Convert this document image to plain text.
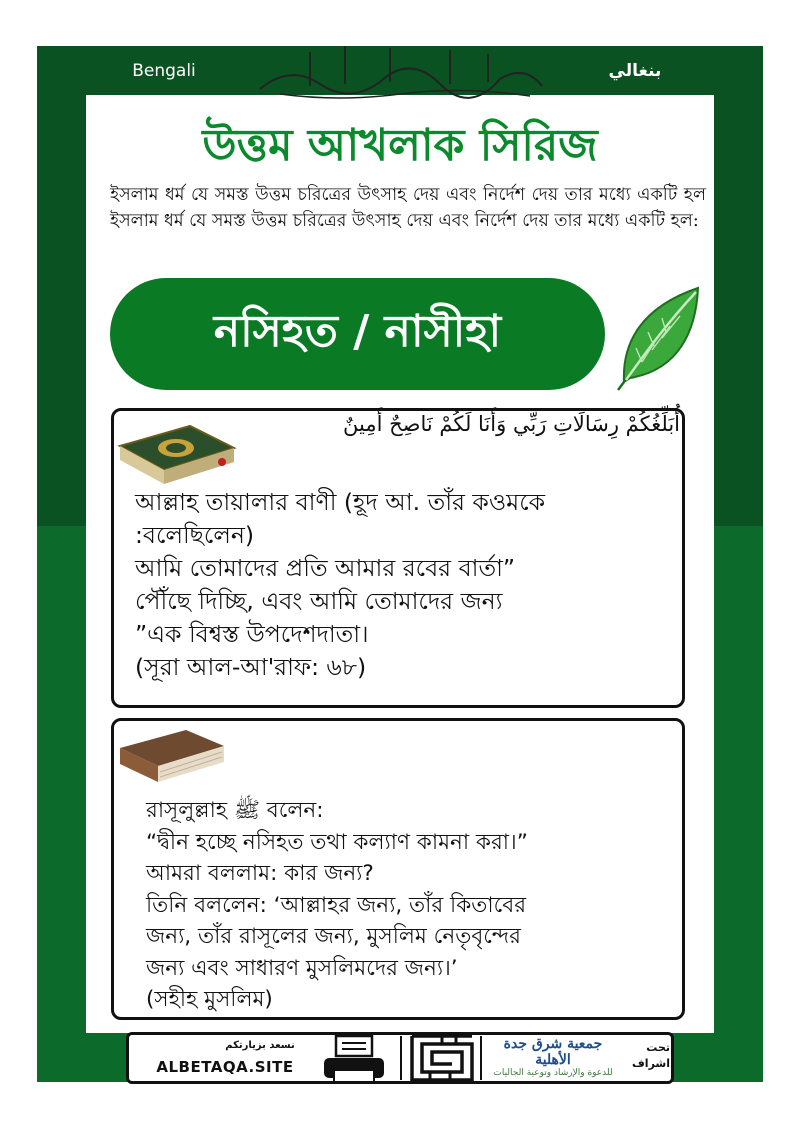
Bengali	بنغالي
উত্তম আখলাক সিরিজ
ইসলাম ধর্ম যে সমস্ত উত্তম চরিত্রের উৎসাহ দেয় এবং নির্দেশ দেয় তার মধ্যে একটি হল ইসলাম ধর্ম যে সমস্ত উত্তম চরিত্রের উৎসাহ দেয় এবং নির্দেশ দেয় তার মধ্যে একটি হল:
নসিহত / নাসীহা
أُبَلِّغُكُمْ رِسَالَاتِ رَبِّي وَأَنَا لَكُمْ نَاصِحٌ أَمِينٌ
আল্লাহ তায়ালার বাণী (হূদ আ. তাঁর কওমকে
:বলেছিলেন)
আমি তোমাদের প্রতি আমার রবের বার্তা”
পৌঁছে দিচ্ছি, এবং আমি তোমাদের জন্য
”এক বিশ্বস্ত উপদেশদাতা।
(সূরা আল-আ'রাফ: ৬৮)
রাসূলুল্লাহ ﷺ বলেন:
“দ্বীন হচ্ছে নসিহত তথা কল্যাণ কামনা করা।”
আমরা বললাম: কার জন্য?
তিনি বললেন: ‘আল্লাহর জন্য, তাঁর কিতাবের
জন্য, তাঁর রাসূলের জন্য, মুসলিম নেতৃবৃন্দের
জন্য এবং সাধারণ মুসলিমদের জন্য।’
(সহীহ মুসলিম)
نسعد بزيارتكم
ALBETAQA.SITE
جمعية شرق جدة الأهلية
للدعوة والإرشاد وتوعية الجاليات
تحت
اشراف
